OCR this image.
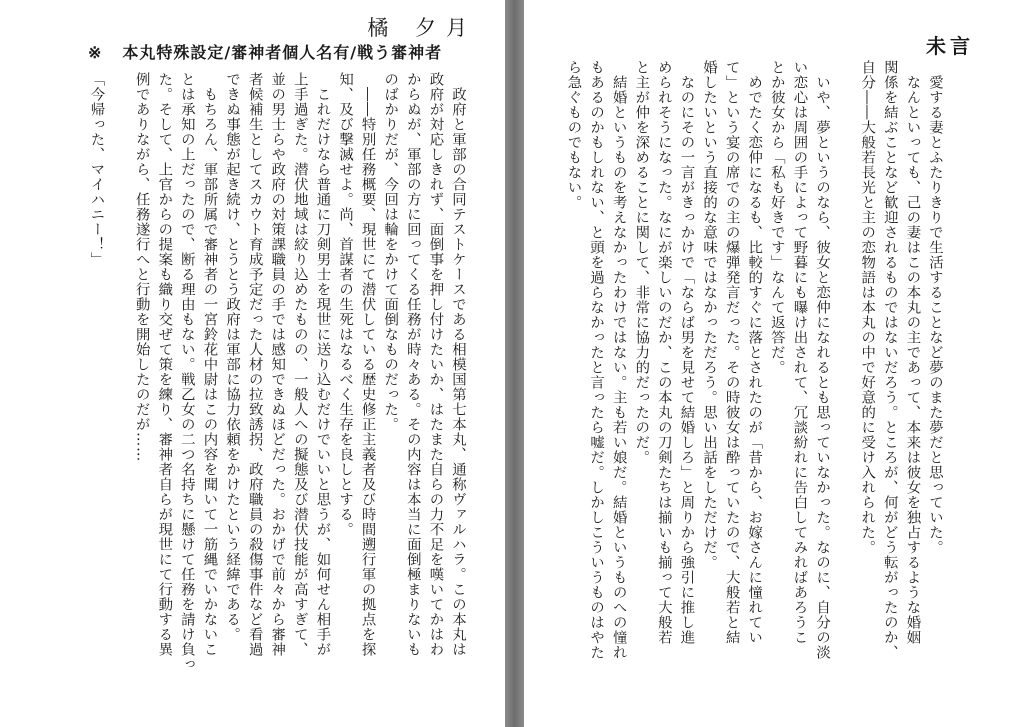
橘 夕月
※ 本丸特殊設定/審神者個人名有/戦う審神者
　政府と軍部の合同テストケースである相模国第七本丸、通称ヴァルハラ。この本丸は
政府が対応しきれず、面倒事を押し付けたいか、はたまた自らの力不足を嘆いてかはわ
からぬが、軍部の方に回ってくる任務が時々ある。その内容は本当に面倒極まりないも
のばかりだが、今回は輪をかけて面倒なものだった。
　――特別任務概要、現世にて潜伏している歴史修正主義者及び時間遡行軍の拠点を探
知、及び撃滅せよ。尚、首謀者の生死はなるべく生存を良しとする。
　これだけなら普通に刀剣男士を現世に送り込むだけでいいと思うが、如何せん相手が
上手過ぎた。潜伏地域は絞り込めたものの、一般人への擬態及び潜伏技能が高すぎて、
並の男士らや政府の対策課職員の手では感知できぬほどだった。おかげで前々から審神
者候補生としてスカウト育成予定だった人材の拉致誘拐、政府職員の殺傷事件など看過
できぬ事態が起き続け、とうとう政府は軍部に協力依頼をかけたという経緯である。
　もちろん、軍部所属で審神者の一宮鈴花中尉はこの内容を聞いて一筋縄でいかないこ
とは承知の上だったので、断る理由もない。戦乙女の二つ名持ちに懸けて任務を請け負っ
た。そして、上官からの提案も織り交ぜて策を練り、審神者自らが現世にて行動する異
例でありながら、任務遂行へと行動を開始したのだが……

「今帰った、マイハニー！」
未言
　愛する妻とふたりきりで生活することなど夢のまた夢だと思っていた。
　なんといっても、己の妻はこの本丸の主であって、本来は彼女を独占するような婚姻
関係を結ぶことなど歓迎されるものではないだろう。ところが、何がどう転がったのか、
自分――大般若長光と主の恋物語は本丸の中で好意的に受け入れられた。

　いや、夢というのなら、彼女と恋仲になれるとも思っていなかった。なのに、自分の淡
い恋心は周囲の手によって野暮にも曝け出されて、冗談紛れに告白してみればあろうこ
とか彼女から「私も好きです」なんて返答だ。
　めでたく恋仲になるも、比較的すぐに落とされたのが「昔から、お嫁さんに憧れてい
て」という宴の席での主の爆弾発言だった。その時彼女は酔っていたので、大般若と結
婚したいという直接的な意味ではなかっただろう。思い出話をしただけだ。
　なのにその一言がきっかけで「ならば男を見せて結婚しろ」と周りから強引に推し進
められそうになった。なにが楽しいのだか、この本丸の刀剣たちは揃いも揃って大般若
と主が仲を深めることに関して、非常に協力的だったのだ。
　結婚というものを考えなかったわけではない。主も若い娘だ。結婚というものへの憧れ
もあるのかもしれない、と頭を過らなかったと言ったら嘘だ。しかしこういうものはやた
ら急ぐものでもない。
